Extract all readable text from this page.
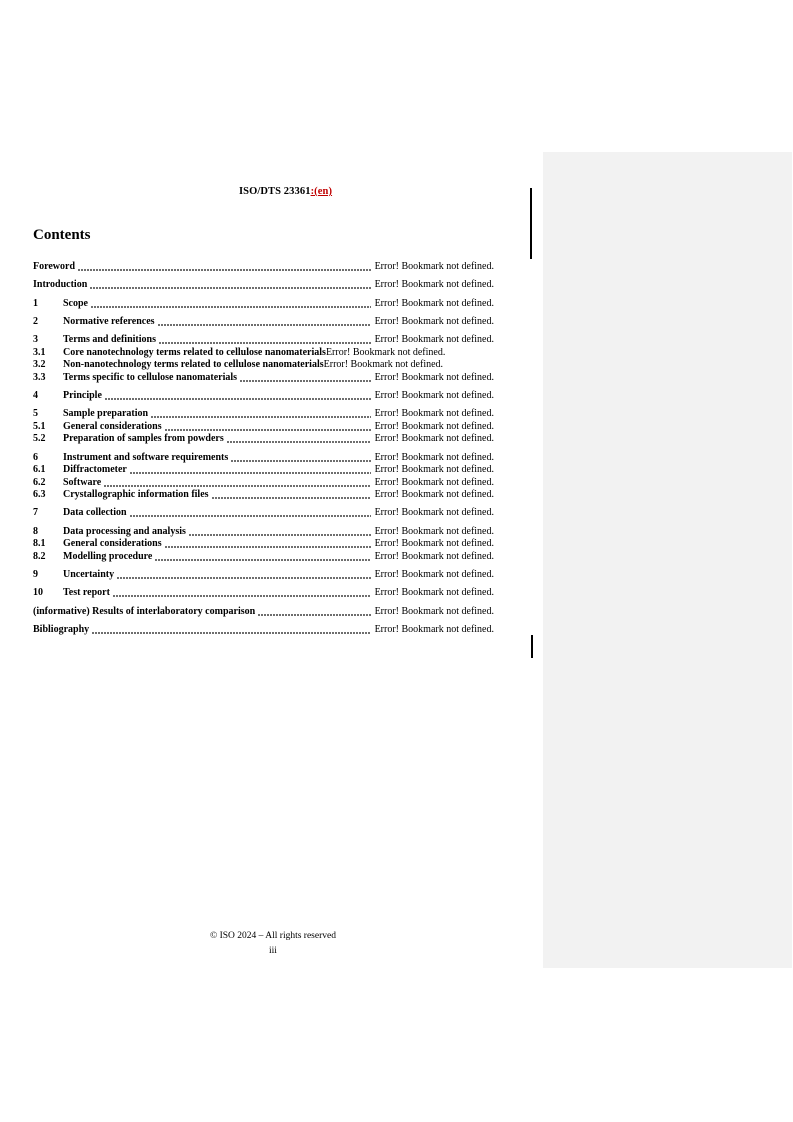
ISO/DTS 23361:(en)
Contents
Foreword	Error! Bookmark not defined.
Introduction	Error! Bookmark not defined.
1	Scope	Error! Bookmark not defined.
2	Normative references	Error! Bookmark not defined.
3	Terms and definitions	Error! Bookmark not defined.
3.1	Core nanotechnology terms related to cellulose nanomaterials Error! Bookmark not defined.
3.2	Non-nanotechnology terms related to cellulose nanomaterials Error! Bookmark not defined.
3.3	Terms specific to cellulose nanomaterials	Error! Bookmark not defined.
4	Principle	Error! Bookmark not defined.
5	Sample preparation	Error! Bookmark not defined.
5.1	General considerations	Error! Bookmark not defined.
5.2	Preparation of samples from powders	Error! Bookmark not defined.
6	Instrument and software requirements	Error! Bookmark not defined.
6.1	Diffractometer	Error! Bookmark not defined.
6.2	Software	Error! Bookmark not defined.
6.3	Crystallographic information files	Error! Bookmark not defined.
7	Data collection	Error! Bookmark not defined.
8	Data processing and analysis	Error! Bookmark not defined.
8.1	General considerations	Error! Bookmark not defined.
8.2	Modelling procedure	Error! Bookmark not defined.
9	Uncertainty	Error! Bookmark not defined.
10	Test report	Error! Bookmark not defined.
(informative) Results of interlaboratory comparison	Error! Bookmark not defined.
Bibliography	Error! Bookmark not defined.
© ISO 2024 – All rights reserved
iii
